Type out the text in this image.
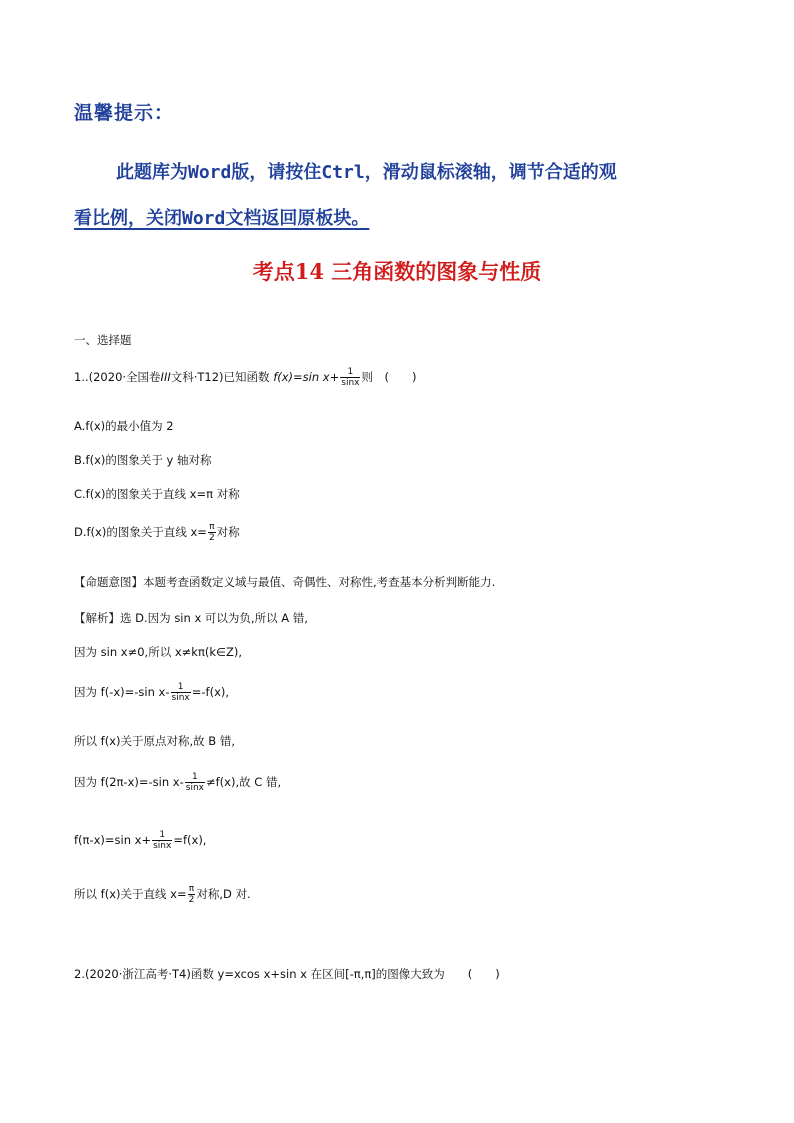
温馨提示：
此题库为Word版，请按住Ctrl，滑动鼠标滚轴，调节合适的观
看比例，关闭Word文档返回原板块。
考点14 三角函数的图象与性质
一、选择题
1..(2020·全国卷III文科·T12)已知函数 f(x)=sin $x+ \frac{1}{\sin x}$ 则　(　　)
A.f(x)的最小值为 2
B.f(x)的图象关于 y 轴对称
C.f(x)的图象关于直线 x=π 对称
D.f(x)的图象关于直线 $x= \frac{\pi}{2}$ 对称
【命题意图】本题考查函数定义域与最值、奇偶性、对称性,考查基本分析判断能力.
【解析】选 D.因为 sin x 可以为负,所以 A 错,
因为 sin x≠0,所以 x≠kπ(k∈Z),
因为 f(-x)=-sin $x- \frac{1}{\sin x} =-f(x)$,
所以 f(x)关于原点对称,故 B 错,
因为 f(2π-x)=-sin $x- \frac{1}{\sin x} \ne f(x)$,故 C 错,
f(π-x)=sin $x+ \frac{1}{\sin x} =f(x)$,
所以 f(x)关于直线 $x= \frac{\pi}{2}$ 对称,D 对.
2.(2020·浙江高考·T4)函数 y=xcos x+sin x 在区间[-π,π]的图像大致为　　(　　)
